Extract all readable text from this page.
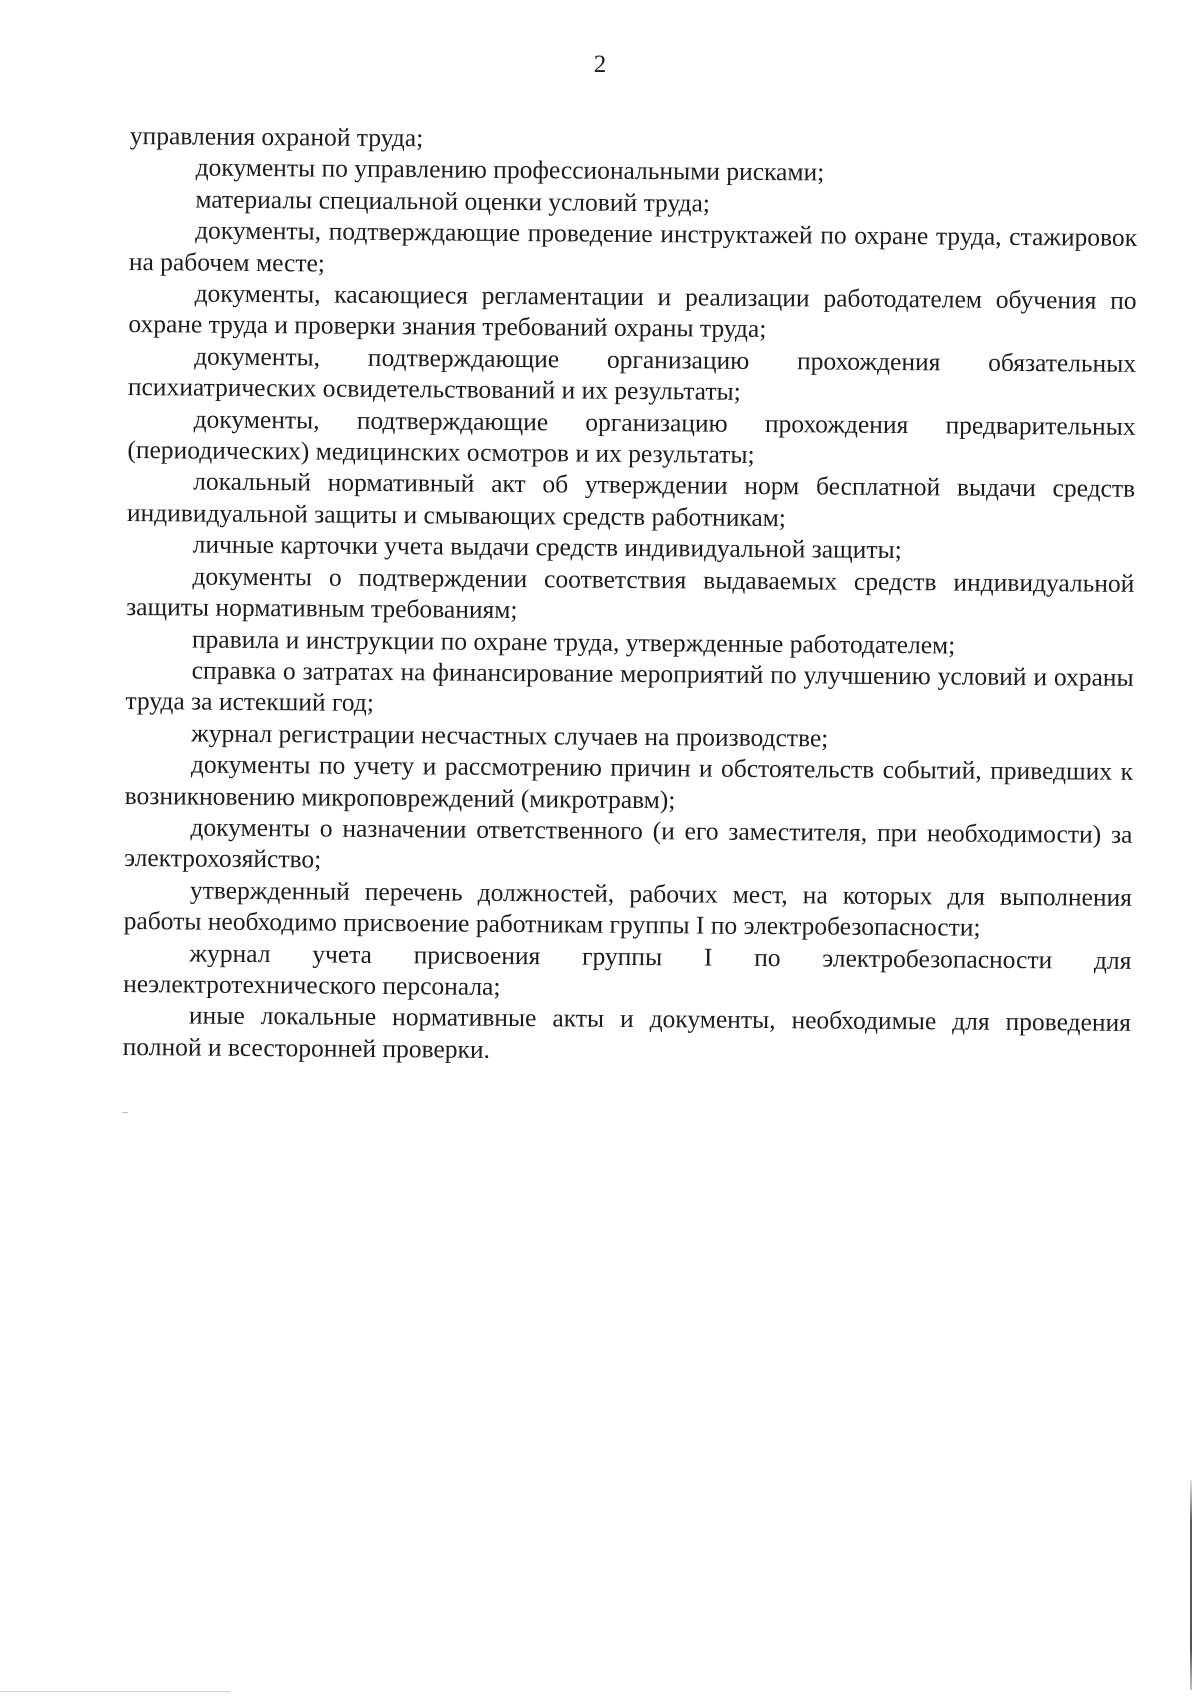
2

управления охраной труда;

документы по управлению профессиональными рисками;

материалы специальной оценки условий труда;

документы, подтверждающие проведение инструктажей по охране труда, стажировок на рабочем месте;

документы, касающиеся регламентации и реализации работодателем обучения по охране труда и проверки знания требований охраны труда;

документы, подтверждающие организацию прохождения обязательных психиатрических освидетельствований и их результаты;

документы, подтверждающие организацию прохождения предварительных (периодических) медицинских осмотров и их результаты;

локальный нормативный акт об утверждении норм бесплатной выдачи средств индивидуальной защиты и смывающих средств работникам;

личные карточки учета выдачи средств индивидуальной защиты;

документы о подтверждении соответствия выдаваемых средств индивидуальной защиты нормативным требованиям;

правила и инструкции по охране труда, утвержденные работодателем;

справка о затратах на финансирование мероприятий по улучшению условий и охраны труда за истекший год;

журнал регистрации несчастных случаев на производстве;

документы по учету и рассмотрению причин и обстоятельств событий, приведших к возникновению микроповреждений (микротравм);

документы о назначении ответственного (и его заместителя, при необходимости) за электрохозяйство;

утвержденный перечень должностей, рабочих мест, на которых для выполнения работы необходимо присвоение работникам группы I по электробезопасности;

журнал учета присвоения группы I по электробезопасности для неэлектротехнического персонала;

иные локальные нормативные акты и документы, необходимые для проведения полной и всесторонней проверки.
